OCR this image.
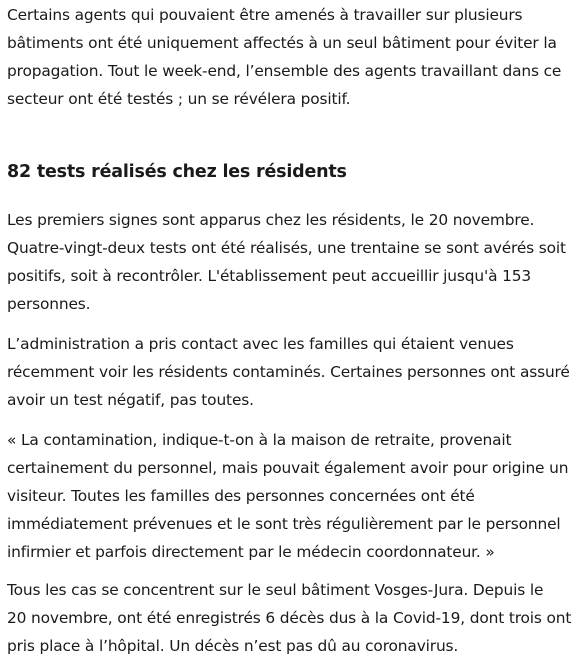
Certains agents qui pouvaient être amenés à travailler sur plusieurs
bâtiments ont été uniquement affectés à un seul bâtiment pour éviter la
propagation. Tout le week-end, l’ensemble des agents travaillant dans ce
secteur ont été testés ; un se révélera positif.

82 tests réalisés chez les résidents

Les premiers signes sont apparus chez les résidents, le 20 novembre.
Quatre-vingt-deux tests ont été réalisés, une trentaine se sont avérés soit
positifs, soit à recontrôler. L'établissement peut accueillir jusqu'à 153
personnes.

L’administration a pris contact avec les familles qui étaient venues
récemment voir les résidents contaminés. Certaines personnes ont assuré
avoir un test négatif, pas toutes.

« La contamination, indique-t-on à la maison de retraite, provenait
certainement du personnel, mais pouvait également avoir pour origine un
visiteur. Toutes les familles des personnes concernées ont été
immédiatement prévenues et le sont très régulièrement par le personnel
infirmier et parfois directement par le médecin coordonnateur. »

Tous les cas se concentrent sur le seul bâtiment Vosges-Jura. Depuis le
20 novembre, ont été enregistrés 6 décès dus à la Covid-19, dont trois ont
pris place à l’hôpital. Un décès n’est pas dû au coronavirus.
